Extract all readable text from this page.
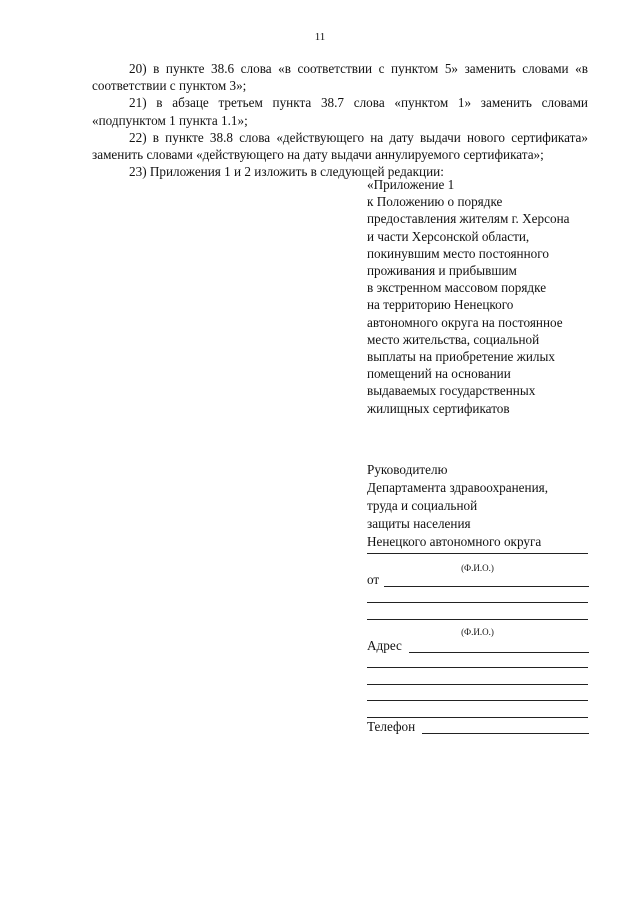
11

20) в пункте 38.6 слова «в соответствии с пунктом 5» заменить словами «в соответствии с пунктом 3»;

21) в абзаце третьем пункта 38.7 слова «пунктом 1» заменить словами «подпунктом 1 пункта 1.1»;

22) в пункте 38.8 слова «действующего на дату выдачи нового сертификата» заменить словами «действующего на дату выдачи аннулируемого сертификата»;

23) Приложения 1 и 2 изложить в следующей редакции:

«Приложение 1
к Положению о порядке
предоставления жителям г. Херсона
и части Херсонской области,
покинувшим место постоянного
проживания и прибывшим
в экстренном массовом порядке
на территорию Ненецкого
автономного округа на постоянное
место жительства, социальной
выплаты на приобретение жилых
помещений на основании
выдаваемых государственных
жилищных сертификатов
Руководителю
Департамента здравоохранения,
труда и социальной
защиты населения
Ненецкого автономного округа
(Ф.И.О.)
от
(Ф.И.О.)
Адрес
Телефон
